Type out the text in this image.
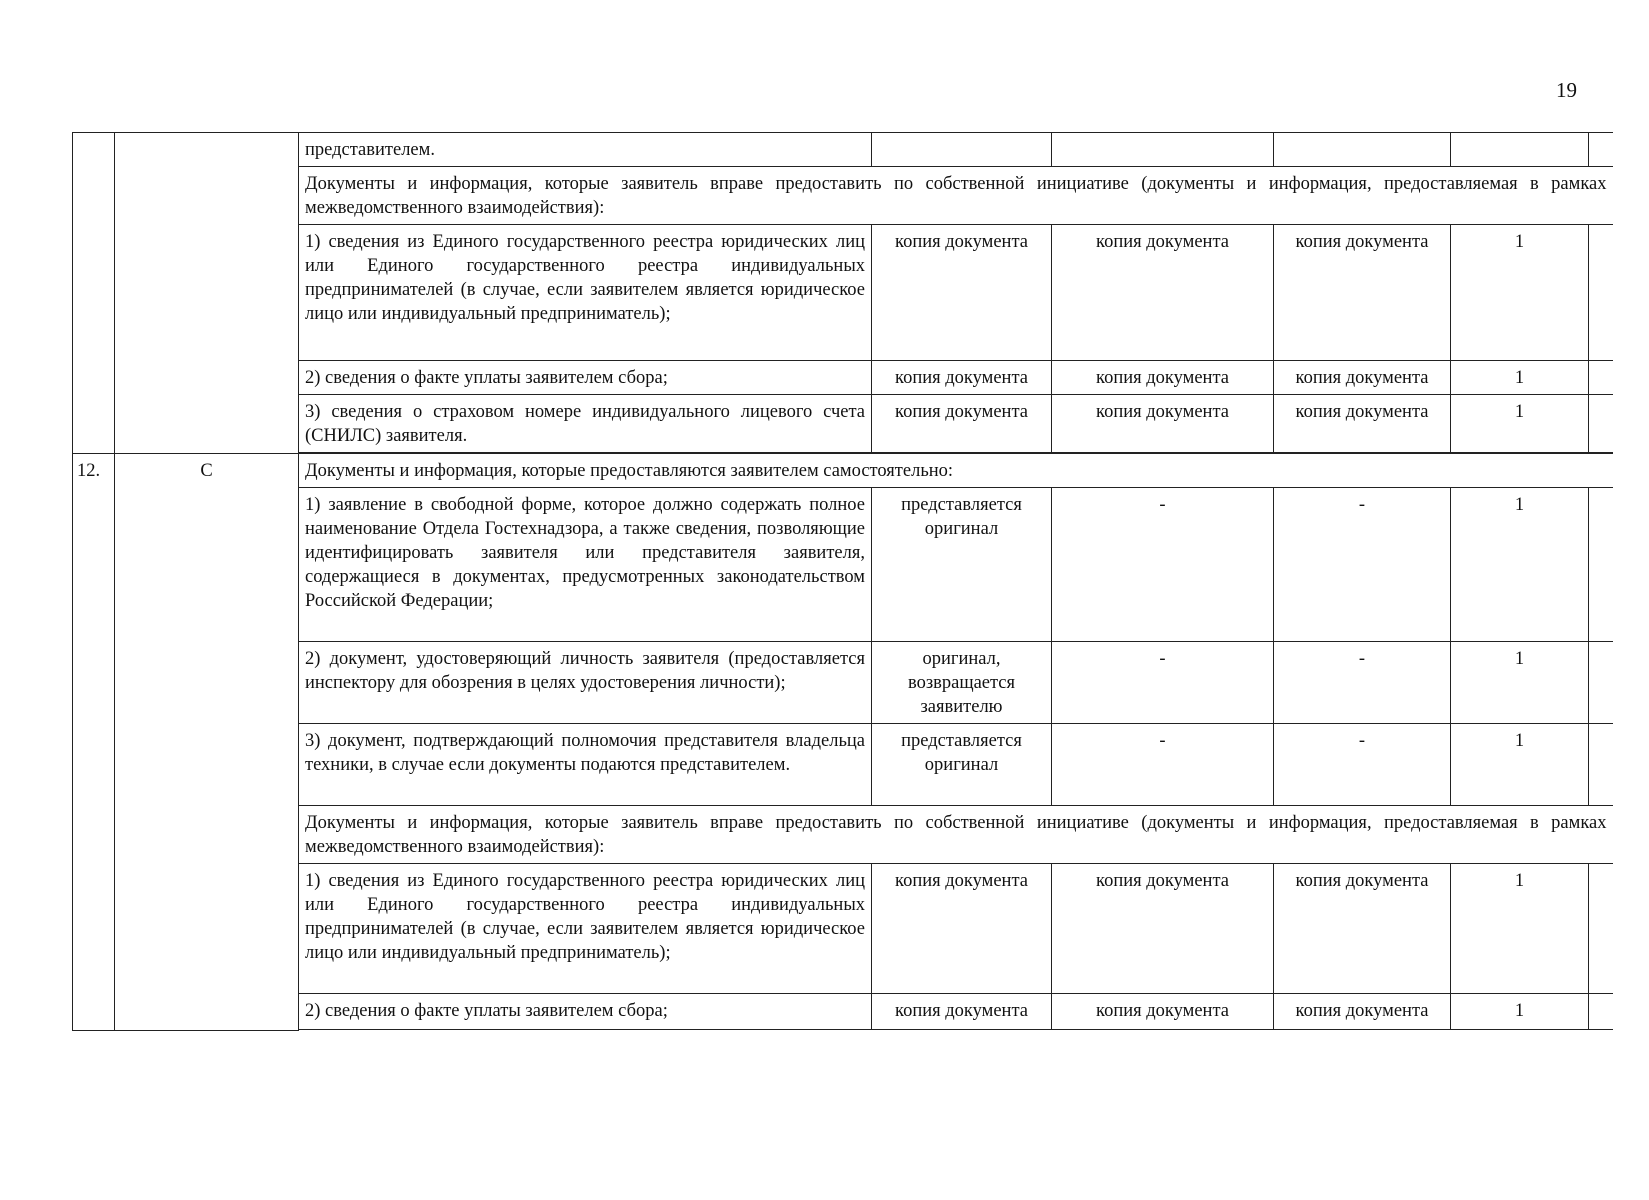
19
		представителем.					
		Документы и информация, которые заявитель вправе предоставить по собственной инициативе (документы и информация, предоставляемая в рамках межведомственного взаимодействия):					
		1) сведения из Единого государственного реестра юридических лиц или Единого государственного реестра индивидуальных предпринимателей (в случае, если заявителем является юридическое лицо или индивидуальный предприниматель);	копия документа	копия документа	копия документа	1	
		2) сведения о факте уплаты заявителем сбора;	копия документа	копия документа	копия документа	1	
		3) сведения о страховом номере индивидуального лицевого счета (СНИЛС) заявителя.	копия документа	копия документа	копия документа	1	

12.	С	Документы и информация, которые предоставляются заявителем самостоятельно:					
		1) заявление в свободной форме, которое должно содержать полное наименование Отдела Гостехнадзора, а также сведения, позволяющие идентифицировать заявителя или представителя заявителя, содержащиеся в документах, предусмотренных законодательством Российской Федерации;	представляется оригинал	-	-	1	
		2) документ, удостоверяющий личность заявителя (предоставляется инспектору для обозрения в целях удостоверения личности);	оригинал, возвращается заявителю	-	-	1	
		3) документ, подтверждающий полномочия представителя владельца техники, в случае если документы подаются представителем.	представляется оригинал	-	-	1	
		Документы и информация, которые заявитель вправе предоставить по собственной инициативе (документы и информация, предоставляемая в рамках межведомственного взаимодействия):					
		1) сведения из Единого государственного реестра юридических лиц или Единого государственного реестра индивидуальных предпринимателей (в случае, если заявителем является юридическое лицо или индивидуальный предприниматель);	копия документа	копия документа	копия документа	1	
		2) сведения о факте уплаты заявителем сбора;	копия документа	копия документа	копия документа	1	
